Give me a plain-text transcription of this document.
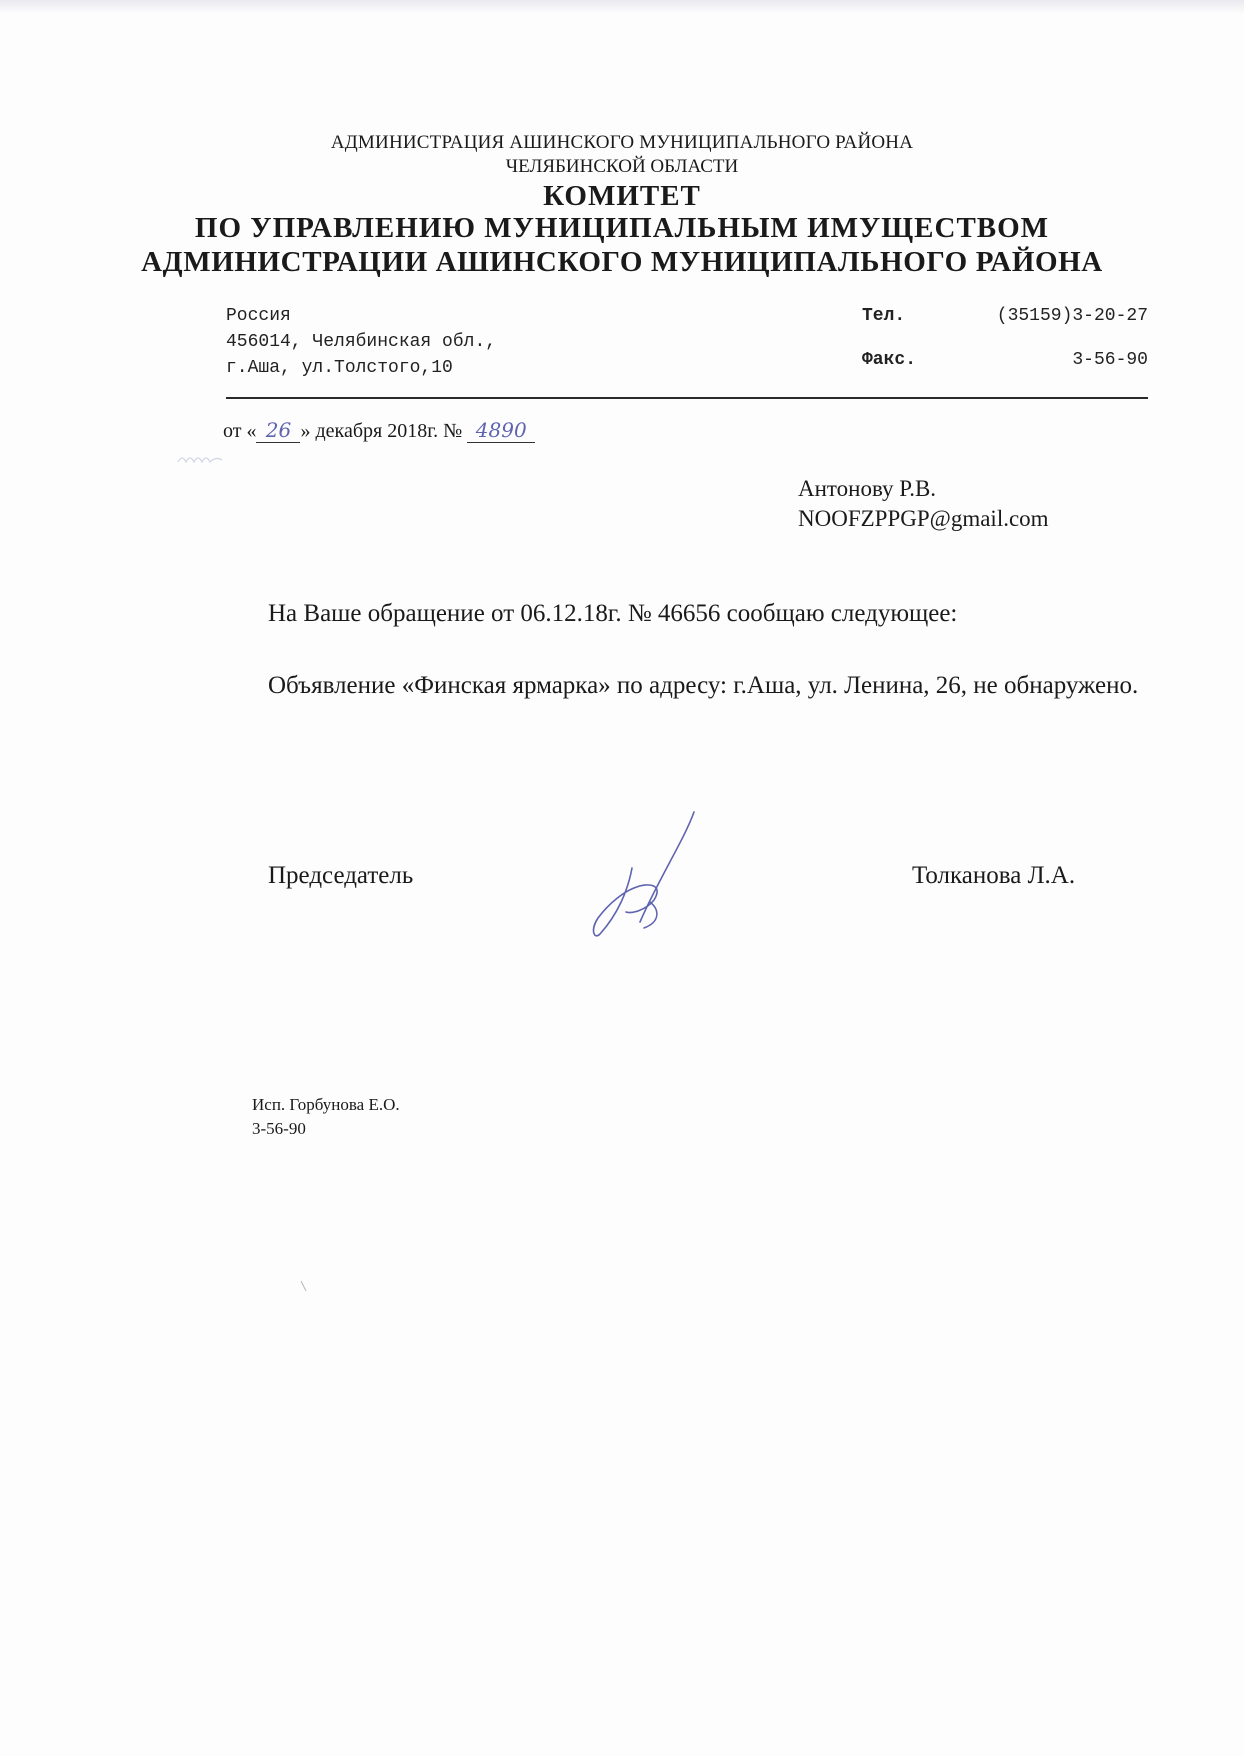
АДМИНИСТРАЦИЯ АШИНСКОГО МУНИЦИПАЛЬНОГО РАЙОНА
ЧЕЛЯБИНСКОЙ ОБЛАСТИ
КОМИТЕТ
ПО УПРАВЛЕНИЮ МУНИЦИПАЛЬНЫМ ИМУЩЕСТВОМ
АДМИНИСТРАЦИИ АШИНСКОГО МУНИЦИПАЛЬНОГО РАЙОНА
Россия
456014, Челябинская обл.,
г.Аша, ул.Толстого,10
Тел.	(35159)3-20-27
Факс.	3-56-90
от « 26 » декабря 2018г. № 4890
Антонову Р.В.
NOOFZPPGP@gmail.com
На Ваше обращение от 06.12.18г. № 46656 сообщаю следующее:
Объявление «Финская ярмарка» по адресу: г.Аша, ул. Ленина, 26, не обнаружено.
Председатель	Толканова Л.А.
Исп. Горбунова Е.О.
3-56-90
